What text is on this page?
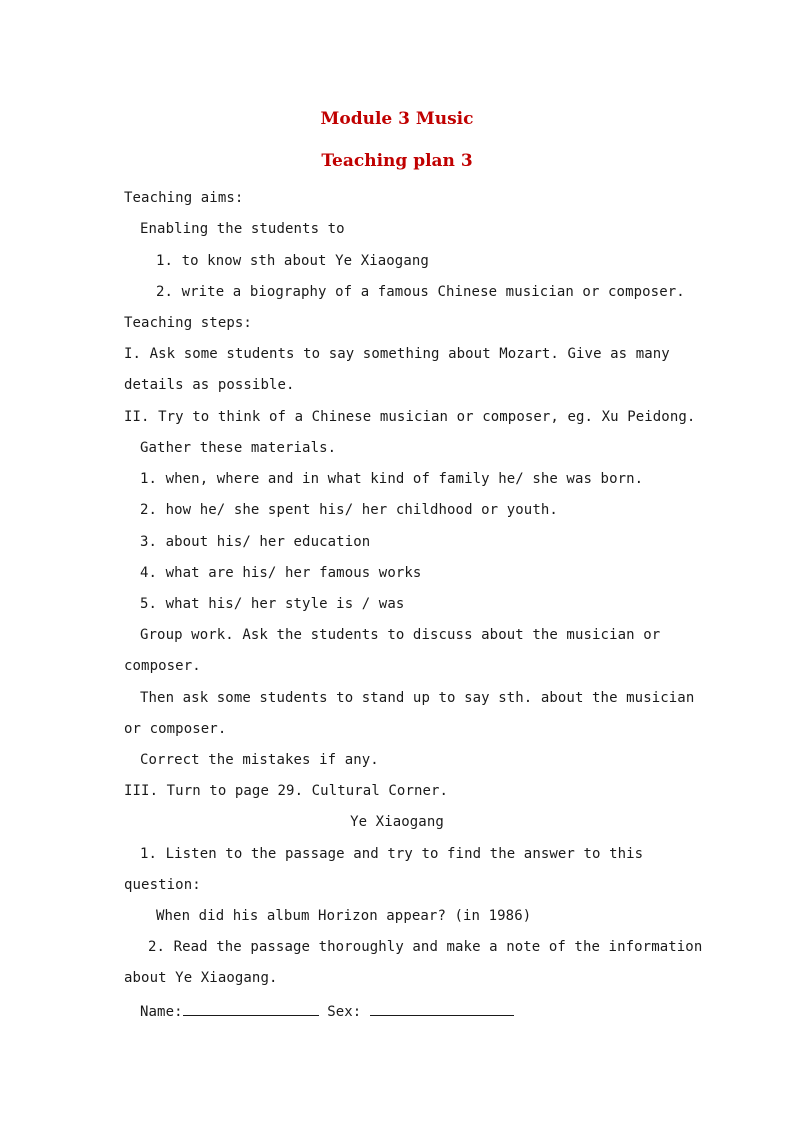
Module 3 Music
Teaching plan 3
Teaching aims:
Enabling the students to
1. to know sth about Ye Xiaogang
2. write a biography of a famous Chinese musician or composer.
Teaching steps:
I. Ask some students to say something about Mozart. Give as many
details as possible.
II. Try to think of a Chinese musician or composer, eg. Xu Peidong.
Gather these materials.
1. when, where and in what kind of family he/ she was born.
2. how he/ she spent his/ her childhood or youth.
3. about his/ her education
4. what are his/ her famous works
5. what his/ her style is / was
Group work. Ask the students to discuss about the musician or
composer.
Then ask some students to stand up to say sth. about the musician
or composer.
Correct the mistakes if any.
III. Turn to page 29. Cultural Corner.
Ye Xiaogang
1. Listen to the passage and try to find the answer to this
question:
When did his album Horizon appear? (in 1986)
2. Read the passage thoroughly and make a note of the information
about Ye Xiaogang.
Name:	Sex:
